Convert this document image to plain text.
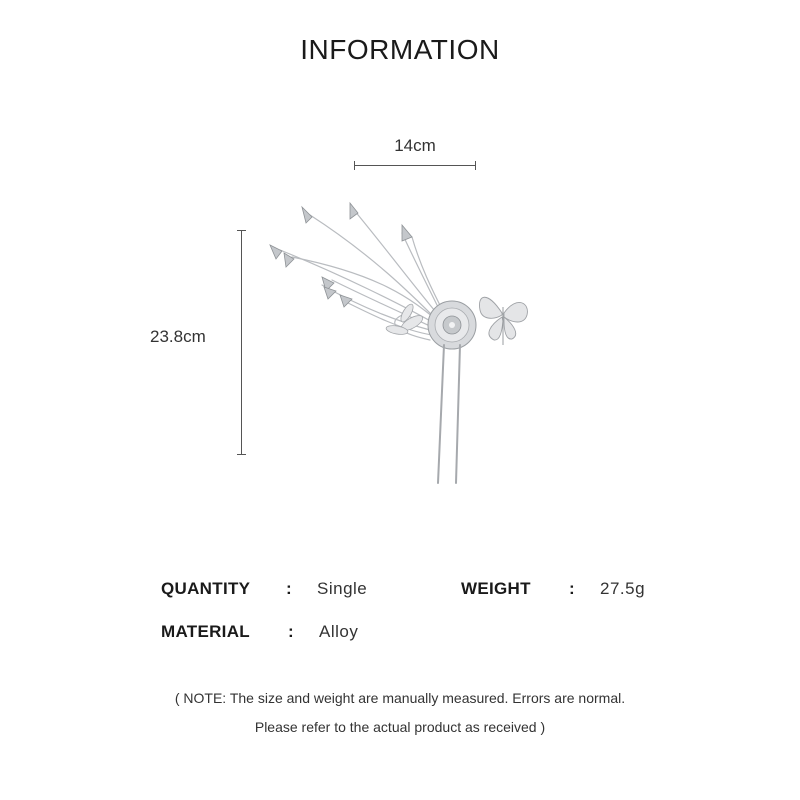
INFORMATION
14cm
23.8cm
QUANTITY : Single	WEIGHT : 27.5g
MATERIAL : Alloy
( NOTE: The size and weight are manually measured. Errors are normal.
Please refer to the actual product as received )
